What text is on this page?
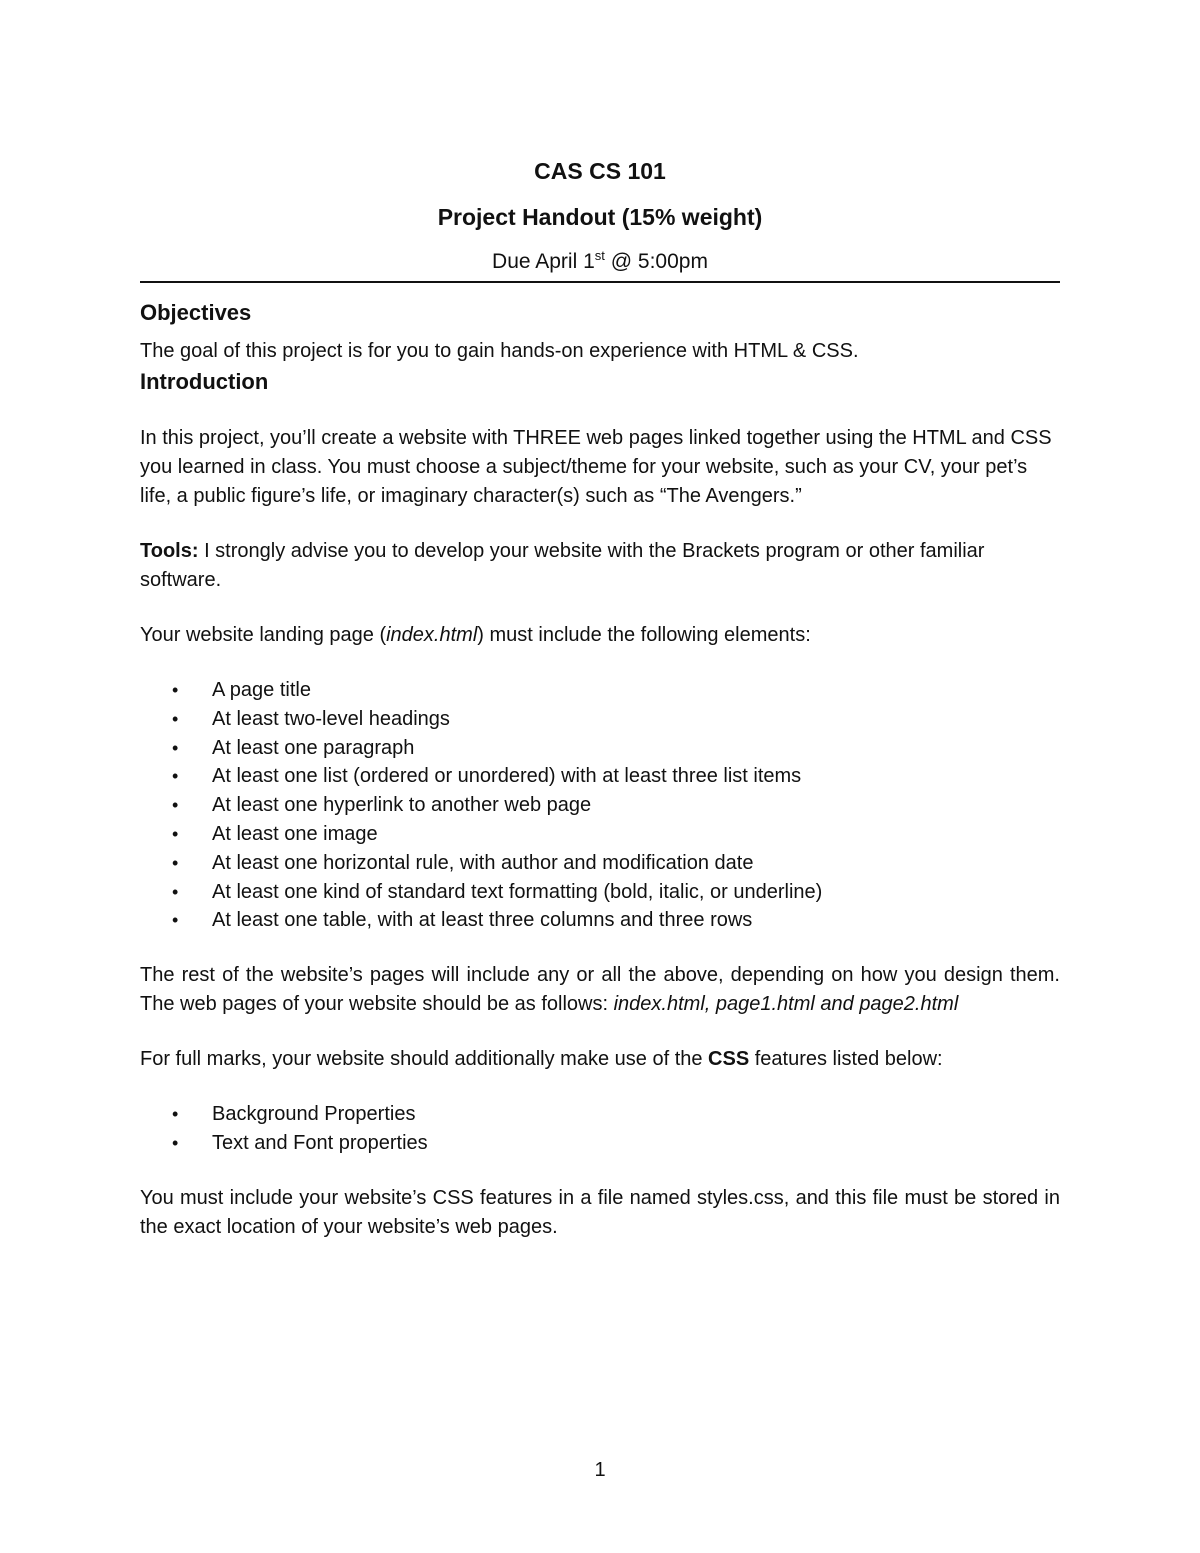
CAS CS 101

Project Handout (15% weight)

Due April 1st @ 5:00pm

Objectives

The goal of this project is for you to gain hands-on experience with HTML & CSS.

Introduction

In this project, you’ll create a website with THREE web pages linked together using the HTML and CSS you learned in class. You must choose a subject/theme for your website, such as your CV, your pet’s life, a public figure’s life, or imaginary character(s) such as “The Avengers.”

Tools: I strongly advise you to develop your website with the Brackets program or other familiar software.

Your website landing page (index.html) must include the following elements:

• A page title
• At least two-level headings
• At least one paragraph
• At least one list (ordered or unordered) with at least three list items
• At least one hyperlink to another web page
• At least one image
• At least one horizontal rule, with author and modification date
• At least one kind of standard text formatting (bold, italic, or underline)
• At least one table, with at least three columns and three rows

The rest of the website’s pages will include any or all the above, depending on how you design them. The web pages of your website should be as follows: index.html, page1.html and page2.html

For full marks, your website should additionally make use of the CSS features listed below:

• Background Properties
• Text and Font properties

You must include your website’s CSS features in a file named styles.css, and this file must be stored in the exact location of your website’s web pages.

1
